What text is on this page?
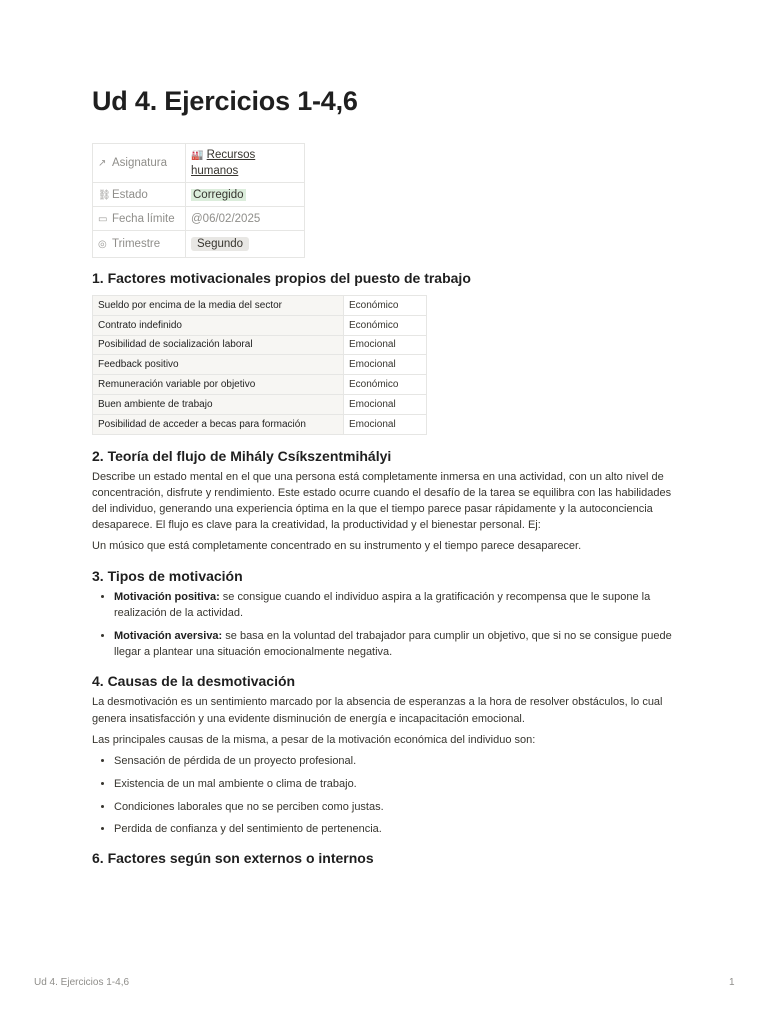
Ud 4. Ejercicios 1-4,6
↗ Asignatura	🏭 Recursos humanos
⛓Estado	Corregido
▭ Fecha límite	@06/02/2025
◎ Trimestre	Segundo
1. Factores motivacionales propios del puesto de trabajo
Sueldo por encima de la media del sector	Económico
Contrato indefinido	Económico
Posibilidad de socialización laboral	Emocional
Feedback positivo	Emocional
Remuneración variable por objetivo	Económico
Buen ambiente de trabajo	Emocional
Posibilidad de acceder a becas para formación	Emocional
2. Teoría del flujo de Mihály Csíkszentmihályi

Describe un estado mental en el que una persona está completamente inmersa en una actividad, con un alto nivel de concentración, disfrute y rendimiento. Este estado ocurre cuando el desafío de la tarea se equilibra con las habilidades del individuo, generando una experiencia óptima en la que el tiempo parece pasar rápidamente y la autoconciencia desaparece. El flujo es clave para la creatividad, la productividad y el bienestar personal. Ej:

Un músico que está completamente concentrado en su instrumento y el tiempo parece desaparecer.

3. Tipos de motivación
• Motivación positiva: se consigue cuando el individuo aspira a la gratificación y recompensa que le supone la realización de la actividad.
• Motivación aversiva: se basa en la voluntad del trabajador para cumplir un objetivo, que si no se consigue puede llegar a plantear una situación emocionalmente negativa.
4. Causas de la desmotivación

La desmotivación es un sentimiento marcado por la absencia de esperanzas a la hora de resolver obstáculos, lo cual genera insatisfacción y una evidente disminución de energía e incapacitación emocional.

Las principales causas de la misma, a pesar de la motivación económica del individuo son:

• Sensación de pérdida de un proyecto profesional.
• Existencia de un mal ambiente o clima de trabajo.
• Condiciones laborales que no se perciben como justas.
• Perdida de confianza y del sentimiento de pertenencia.
6. Factores según son externos o internos
Ud 4. Ejercicios 1-4,6	1
